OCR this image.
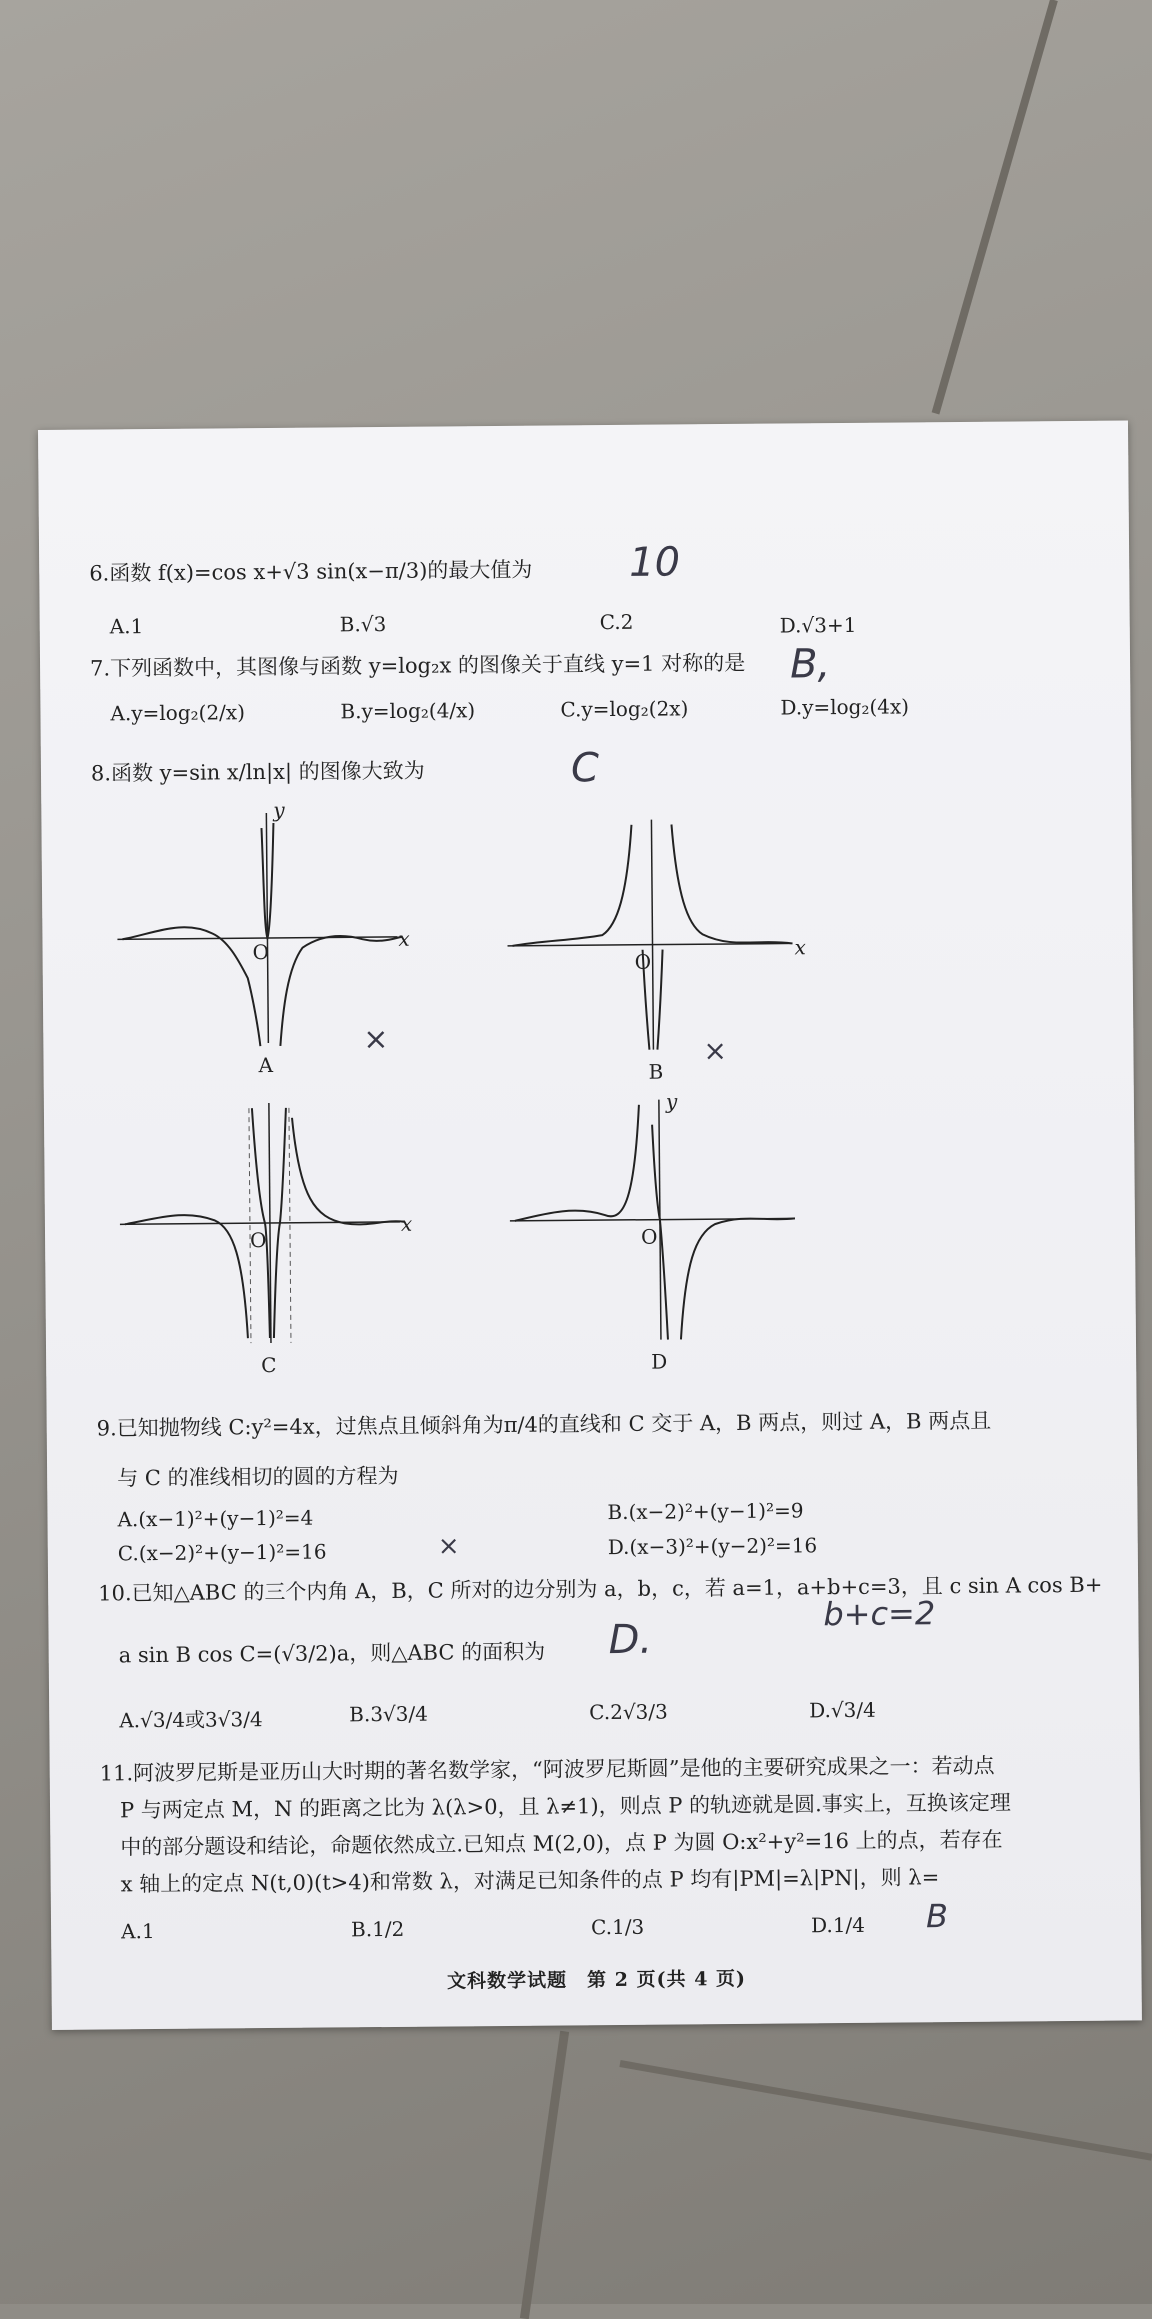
6.函数 f(x)=cos x+√3 sin(x−π/3)的最大值为
A.1	B.√3	C.2	D.√3+1
10
7.下列函数中，其图像与函数 y=log₂x 的图像关于直线 y=1 对称的是
A.y=log₂(2/x)	B.y=log₂(4/x)	C.y=log₂(2x)	D.y=log₂(4x)
B,
8.函数 y=sin x/ln|x| 的图像大致为	C
O
x
y
A
×
O
x
B
×
O
x
C
O
y
D
9.已知抛物线 C:y²=4x，过焦点且倾斜角为π/4的直线和 C 交于 A，B 两点，则过 A，B 两点且
与 C 的准线相切的圆的方程为
A.(x−1)²+(y−1)²=4	B.(x−2)²+(y−1)²=9
C.(x−2)²+(y−1)²=16	D.(x−3)²+(y−2)²=16
×
10.已知△ABC 的三个内角 A，B，C 所对的边分别为 a，b，c，若 a=1，a+b+c=3，且 c sin A cos B+
a sin B cos C=(√3/2)a，则△ABC 的面积为 D.
b+c=2
A.√3/4或3√3/4	B.3√3/4	C.2√3/3	D.√3/4
11.阿波罗尼斯是亚历山大时期的著名数学家，“阿波罗尼斯圆”是他的主要研究成果之一：若动点
P 与两定点 M，N 的距离之比为 λ(λ>0，且 λ≠1)，则点 P 的轨迹就是圆.事实上，互换该定理
中的部分题设和结论，命题依然成立.已知点 M(2,0)，点 P 为圆 O:x²+y²=16 上的点，若存在
x 轴上的定点 N(t,0)(t>4)和常数 λ，对满足已知条件的点 P 均有|PM|=λ|PN|，则 λ=
A.1	B.1/2	C.1/3	D.1/4 B
文科数学试题　第 2 页(共 4 页)
